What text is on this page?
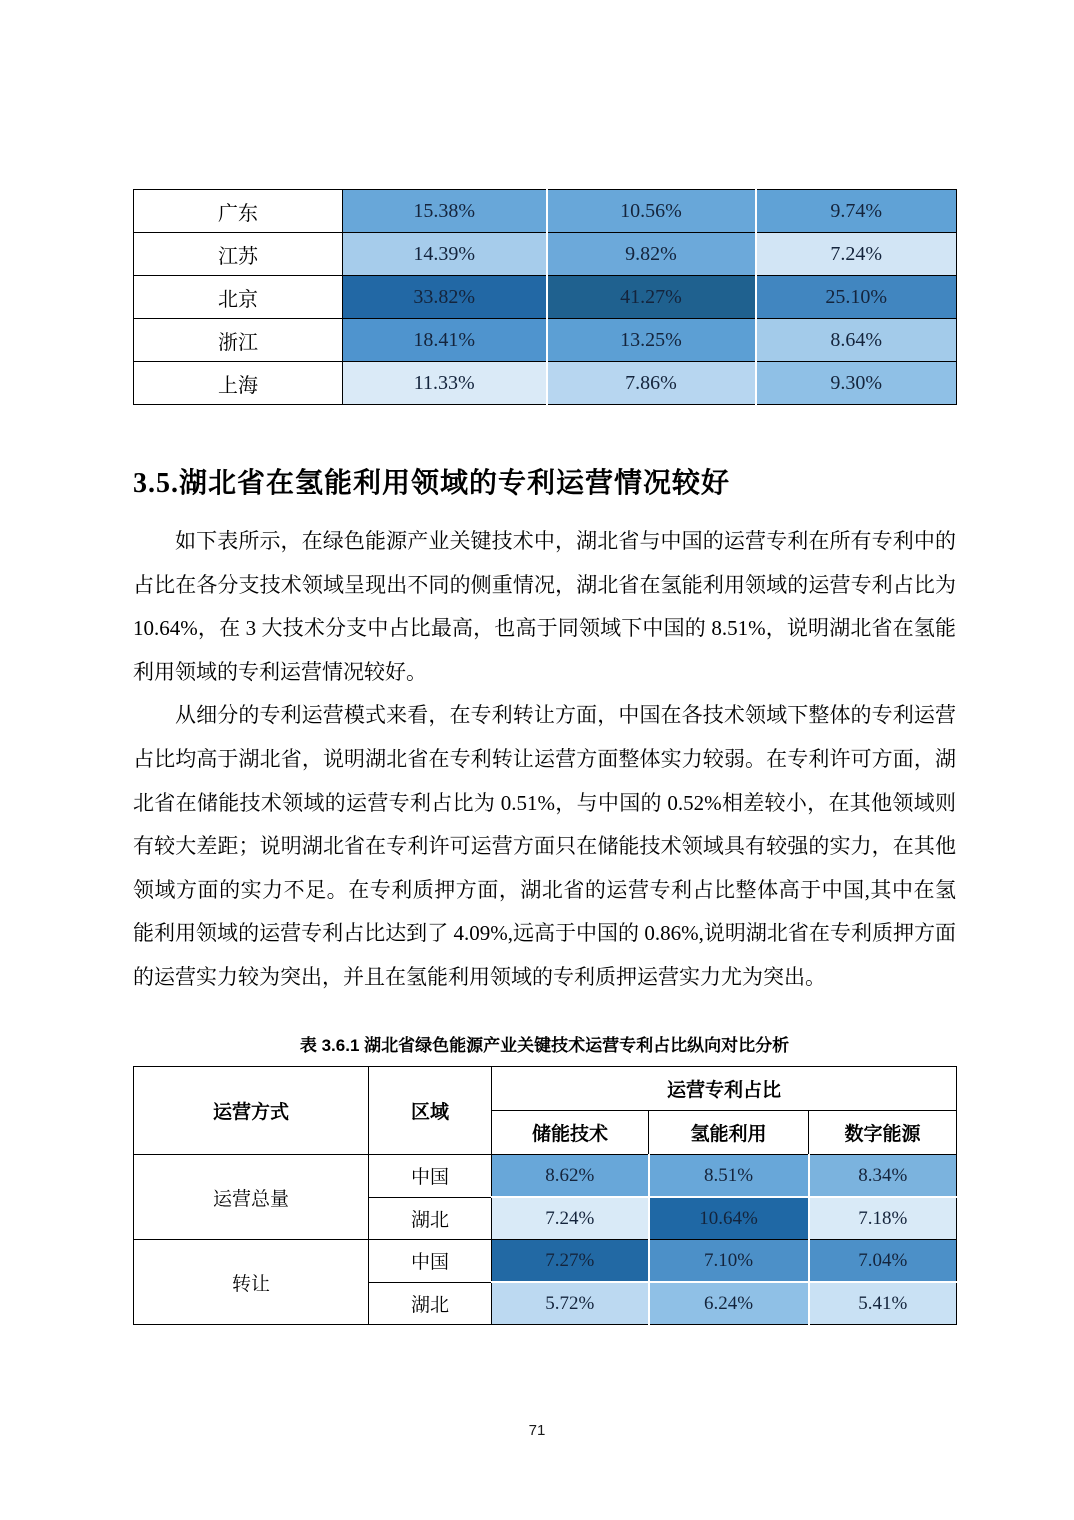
广东	15.38%	10.56%	9.74%
江苏	14.39%	9.82%	7.24%
北京	33.82%	41.27%	25.10%
浙江	18.41%	13.25%	8.64%
上海	11.33%	7.86%	9.30%
3.5.湖北省在氢能利用领域的专利运营情况较好

如下表所示，在绿色能源产业关键技术中，湖北省与中国的运营专利在所有专利中的占比在各分支技术领域呈现出不同的侧重情况，湖北省在氢能利用领域的运营专利占比为 10.64%，在 3 大技术分支中占比最高，也高于同领域下中国的 8.51%，说明湖北省在氢能利用领域的专利运营情况较好。

从细分的专利运营模式来看，在专利转让方面，中国在各技术领域下整体的专利运营占比均高于湖北省，说明湖北省在专利转让运营方面整体实力较弱。在专利许可方面，湖北省在储能技术领域的运营专利占比为 0.51%，与中国的 0.52%相差较小，在其他领域则有较大差距；说明湖北省在专利许可运营方面只在储能技术领域具有较强的实力，在其他领域方面的实力不足。在专利质押方面，湖北省的运营专利占比整体高于中国,其中在氢能利用领域的运营专利占比达到了 4.09%,远高于中国的 0.86%,说明湖北省在专利质押方面的运营实力较为突出，并且在氢能利用领域的专利质押运营实力尤为突出。

表 3.6.1 湖北省绿色能源产业关键技术运营专利占比纵向对比分析
运营方式	区域	运营专利占比		
		储能技术	氢能利用	数字能源
运营总量	中国	8.62%	8.51%	8.34%
	湖北	7.24%	10.64%	7.18%
转让	中国	7.27%	7.10%	7.04%
	湖北	5.72%	6.24%	5.41%
71
